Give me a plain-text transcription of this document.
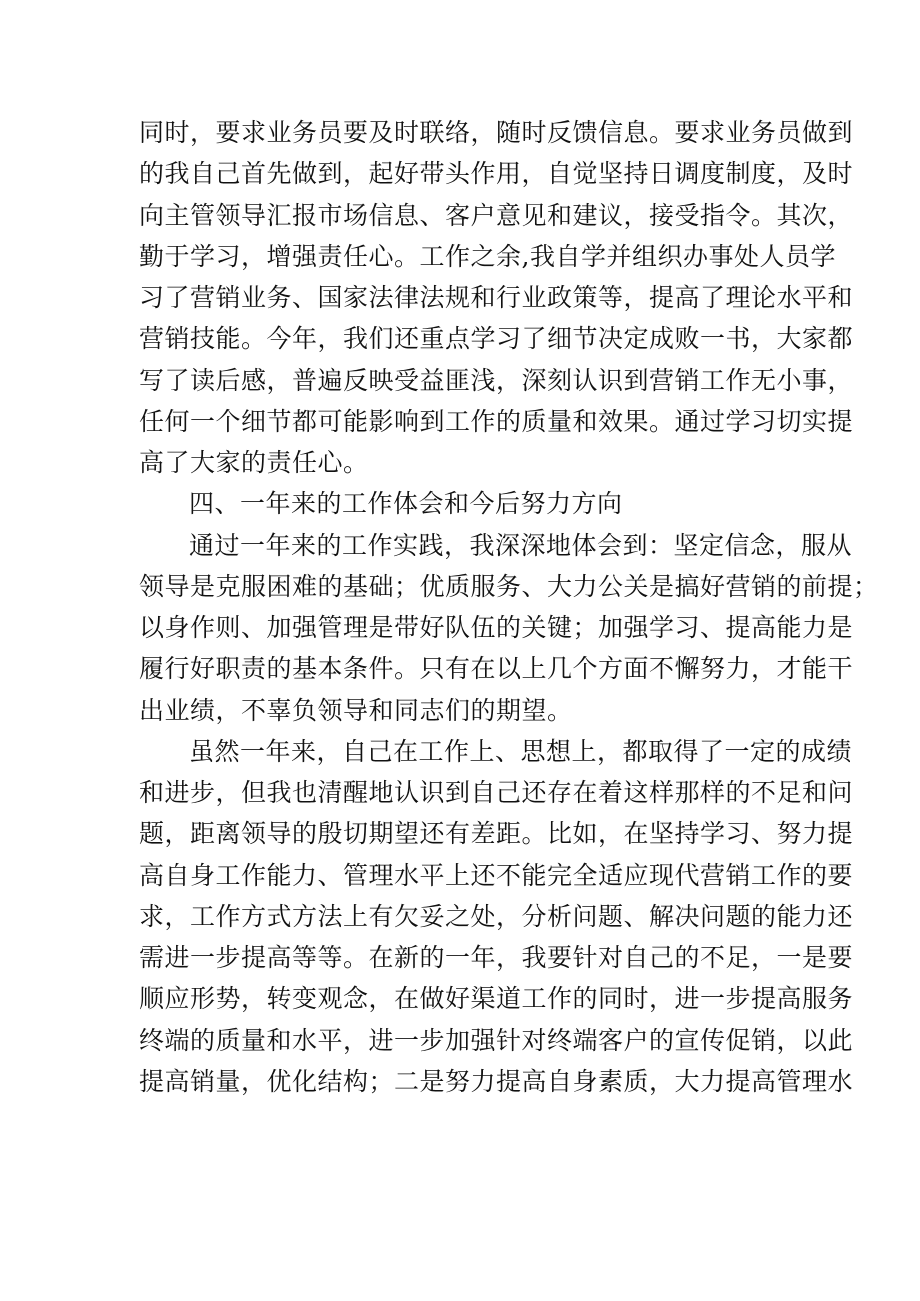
同时，要求业务员要及时联络，随时反馈信息。要求业务员做到
的我自己首先做到，起好带头作用，自觉坚持日调度制度，及时
向主管领导汇报市场信息、客户意见和建议，接受指令。其次，
勤于学习，增强责任心。工作之余,我自学并组织办事处人员学
习了营销业务、国家法律法规和行业政策等，提高了理论水平和
营销技能。今年，我们还重点学习了细节决定成败一书，大家都
写了读后感，普遍反映受益匪浅，深刻认识到营销工作无小事，
任何一个细节都可能影响到工作的质量和效果。通过学习切实提
高了大家的责任心。
四、一年来的工作体会和今后努力方向
通过一年来的工作实践，我深深地体会到：坚定信念，服从
领导是克服困难的基础；优质服务、大力公关是搞好营销的前提；
以身作则、加强管理是带好队伍的关键；加强学习、提高能力是
履行好职责的基本条件。只有在以上几个方面不懈努力，才能干
出业绩，不辜负领导和同志们的期望。
虽然一年来，自己在工作上、思想上，都取得了一定的成绩
和进步，但我也清醒地认识到自己还存在着这样那样的不足和问
题，距离领导的殷切期望还有差距。比如，在坚持学习、努力提
高自身工作能力、管理水平上还不能完全适应现代营销工作的要
求，工作方式方法上有欠妥之处，分析问题、解决问题的能力还
需进一步提高等等。在新的一年，我要针对自己的不足，一是要
顺应形势，转变观念，在做好渠道工作的同时，进一步提高服务
终端的质量和水平，进一步加强针对终端客户的宣传促销，以此
提高销量，优化结构；二是努力提高自身素质，大力提高管理水
